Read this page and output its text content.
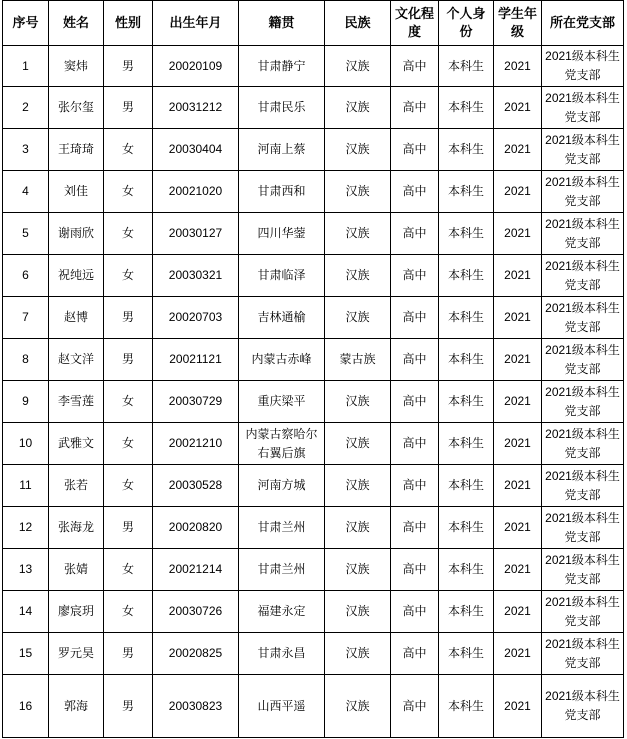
序号	姓名	性别	出生年月	籍贯	民族	文化程度	个人身份	学生年级	所在党支部
1	窦炜	男	20020109	甘肃静宁	汉族	高中	本科生	2021	2021级本科生党支部
2	张尔玺	男	20031212	甘肃民乐	汉族	高中	本科生	2021	2021级本科生党支部
3	王琦琦	女	20030404	河南上蔡	汉族	高中	本科生	2021	2021级本科生党支部
4	刘佳	女	20021020	甘肃西和	汉族	高中	本科生	2021	2021级本科生党支部
5	谢雨欣	女	20030127	四川华蓥	汉族	高中	本科生	2021	2021级本科生党支部
6	祝纯远	女	20030321	甘肃临泽	汉族	高中	本科生	2021	2021级本科生党支部
7	赵博	男	20020703	吉林通榆	汉族	高中	本科生	2021	2021级本科生党支部
8	赵文洋	男	20021121	内蒙古赤峰	蒙古族	高中	本科生	2021	2021级本科生党支部
9	李雪莲	女	20030729	重庆梁平	汉族	高中	本科生	2021	2021级本科生党支部
10	武雅文	女	20021210	内蒙古察哈尔右翼后旗	汉族	高中	本科生	2021	2021级本科生党支部
11	张若	女	20030528	河南方城	汉族	高中	本科生	2021	2021级本科生党支部
12	张海龙	男	20020820	甘肃兰州	汉族	高中	本科生	2021	2021级本科生党支部
13	张婧	女	20021214	甘肃兰州	汉族	高中	本科生	2021	2021级本科生党支部
14	廖宸玥	女	20030726	福建永定	汉族	高中	本科生	2021	2021级本科生党支部
15	罗元昊	男	20020825	甘肃永昌	汉族	高中	本科生	2021	2021级本科生党支部
16	郭海	男	20030823	山西平遥	汉族	高中	本科生	2021	2021级本科生党支部
